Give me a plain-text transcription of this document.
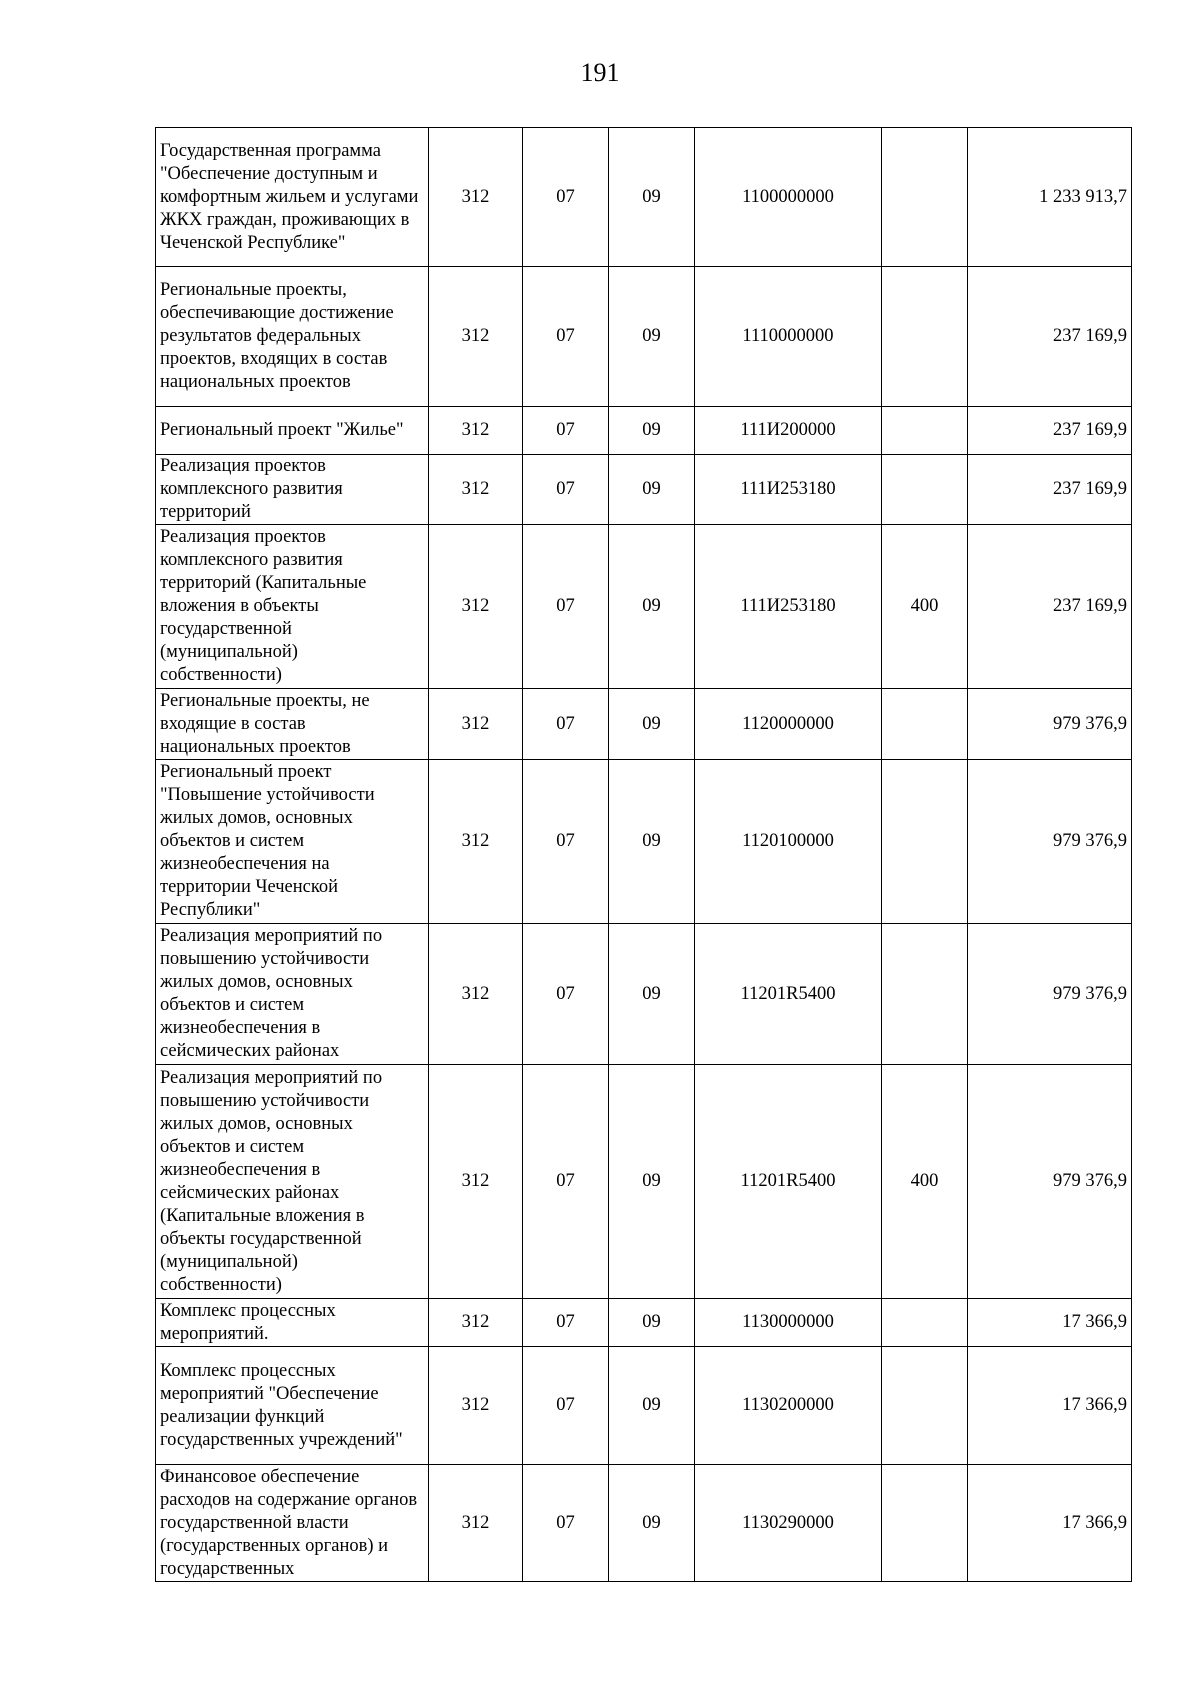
191
Государственная программа "Обеспечение доступным и комфортным жильем и услугами ЖКХ граждан, проживающих в Чеченской Республике"	312	07	09	1100000000		1 233 913,7
Региональные проекты, обеспечивающие достижение результатов федеральных проектов, входящих в состав национальных проектов	312	07	09	1110000000		237 169,9
Региональный проект "Жилье"	312	07	09	111И200000		237 169,9
Реализация проектов комплексного развития территорий	312	07	09	111И253180		237 169,9
Реализация проектов комплексного развития территорий (Капитальные вложения в объекты государственной (муниципальной) собственности)	312	07	09	111И253180	400	237 169,9
Региональные проекты, не входящие в состав национальных проектов	312	07	09	1120000000		979 376,9
Региональный проект "Повышение устойчивости жилых домов, основных объектов и систем жизнеобеспечения на территории Чеченской Республики"	312	07	09	1120100000		979 376,9
Реализация мероприятий по повышению устойчивости жилых домов, основных объектов и систем жизнеобеспечения в сейсмических районах	312	07	09	11201R5400		979 376,9
Реализация мероприятий по повышению устойчивости жилых домов, основных объектов и систем жизнеобеспечения в сейсмических районах (Капитальные вложения в объекты государственной (муниципальной) собственности)	312	07	09	11201R5400	400	979 376,9
Комплекс процессных мероприятий.	312	07	09	1130000000		17 366,9
Комплекс процессных мероприятий "Обеспечение реализации функций государственных учреждений"	312	07	09	1130200000		17 366,9
Финансовое обеспечение расходов на содержание органов государственной власти (государственных органов) и государственных	312	07	09	1130290000		17 366,9
